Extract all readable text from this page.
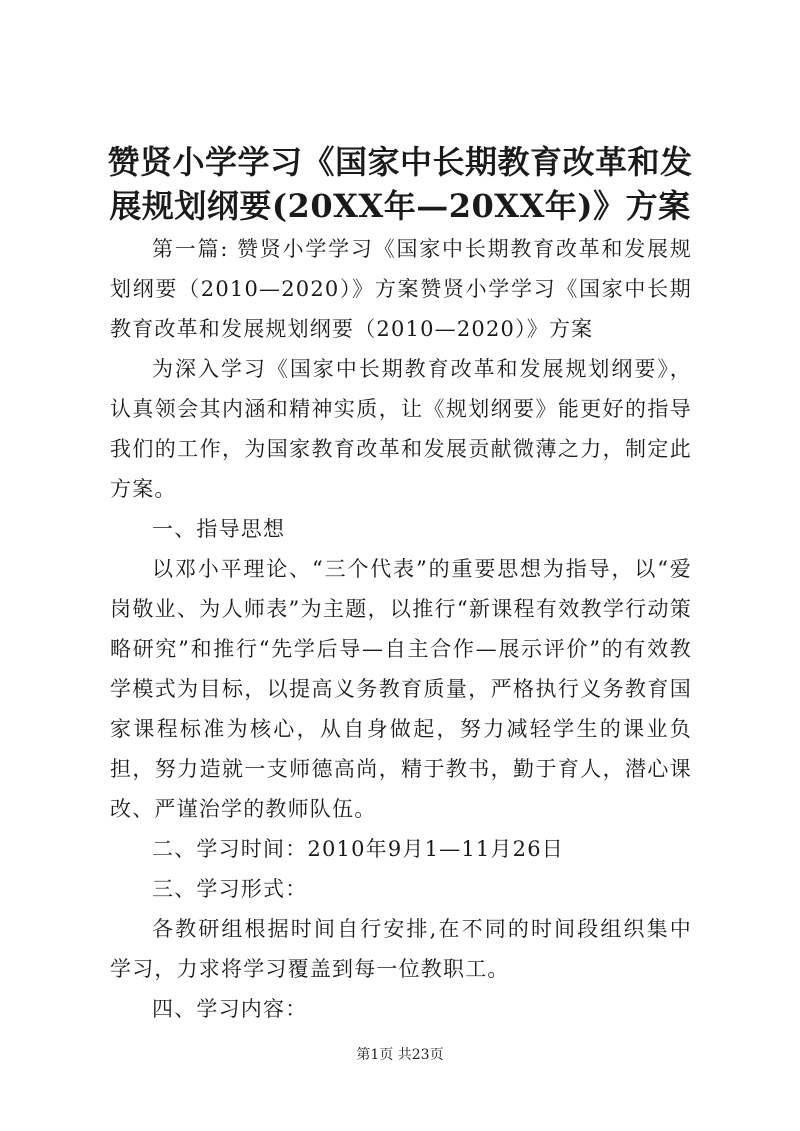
赞贤小学学习《国家中长期教育改革和发展规划纲要(20XX年—20XX年)》方案

第一篇: 赞贤小学学习《国家中长期教育改革和发展规划纲要（2010—2020）》方案赞贤小学学习《国家中长期教育改革和发展规划纲要（2010—2020）》方案

为深入学习《国家中长期教育改革和发展规划纲要》，认真领会其内涵和精神实质，让《规划纲要》能更好的指导我们的工作，为国家教育改革和发展贡献微薄之力，制定此方案。

一、指导思想

以邓小平理论、“三个代表”的重要思想为指导，以“爱岗敬业、为人师表”为主题，以推行“新课程有效教学行动策略研究”和推行“先学后导—自主合作—展示评价”的有效教学模式为目标，以提高义务教育质量，严格执行义务教育国家课程标准为核心，从自身做起，努力减轻学生的课业负担，努力造就一支师德高尚，精于教书，勤于育人，潜心课改、严谨治学的教师队伍。

二、学习时间：2010年9月1—11月26日

三、学习形式：

各教研组根据时间自行安排,在不同的时间段组织集中学习，力求将学习覆盖到每一位教职工。

四、学习内容：

第1页 共23页
